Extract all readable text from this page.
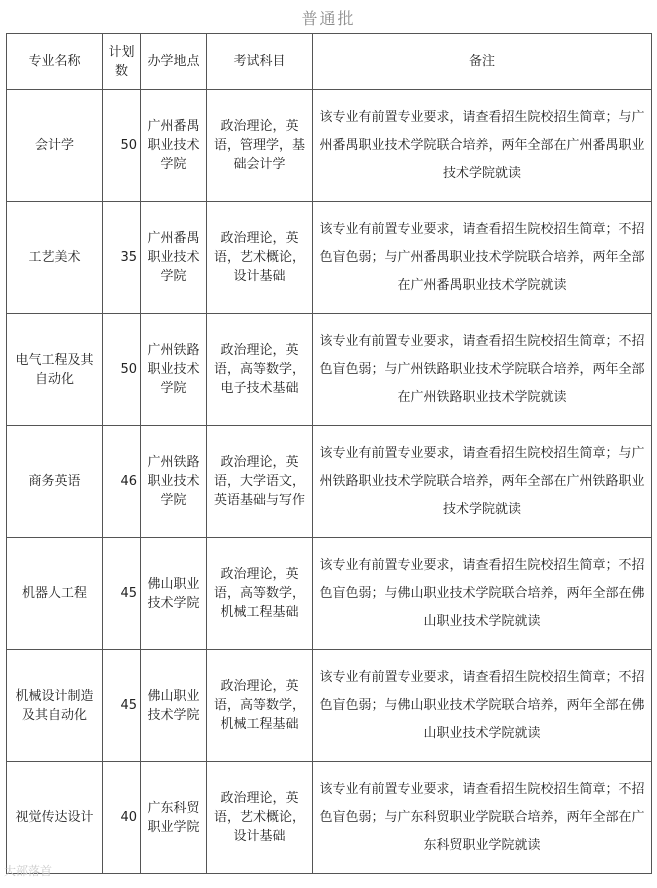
普通批
专业名称	计划数	办学地点	考试科目	备注
会计学	50	广州番禺职业技术学院	政治理论，英语，管理学，基础会计学	该专业有前置专业要求，请查看招生院校招生简章；与广州番禺职业技术学院联合培养，两年全部在广州番禺职业技术学院就读
工艺美术	35	广州番禺职业技术学院	政治理论，英语，艺术概论，设计基础	该专业有前置专业要求，请查看招生院校招生简章；不招色盲色弱；与广州番禺职业技术学院联合培养，两年全部在广州番禺职业技术学院就读
电气工程及其自动化	50	广州铁路职业技术学院	政治理论，英语，高等数学，电子技术基础	该专业有前置专业要求，请查看招生院校招生简章；不招色盲色弱；与广州铁路职业技术学院联合培养，两年全部在广州铁路职业技术学院就读
商务英语	46	广州铁路职业技术学院	政治理论，英语，大学语文，英语基础与写作	该专业有前置专业要求，请查看招生院校招生简章；与广州铁路职业技术学院联合培养，两年全部在广州铁路职业技术学院就读
机器人工程	45	佛山职业技术学院	政治理论，英语，高等数学，机械工程基础	该专业有前置专业要求，请查看招生院校招生简章；不招色盲色弱；与佛山职业技术学院联合培养，两年全部在佛山职业技术学院就读
机械设计制造及其自动化	45	佛山职业技术学院	政治理论，英语，高等数学，机械工程基础	该专业有前置专业要求，请查看招生院校招生简章；不招色盲色弱；与佛山职业技术学院联合培养，两年全部在佛山职业技术学院就读
视觉传达设计	40	广东科贸职业学院	政治理论，英语，艺术概论，设计基础	该专业有前置专业要求，请查看招生院校招生简章；不招色盲色弱；与广东科贸职业学院联合培养，两年全部在广东科贸职业学院就读
大部落首
